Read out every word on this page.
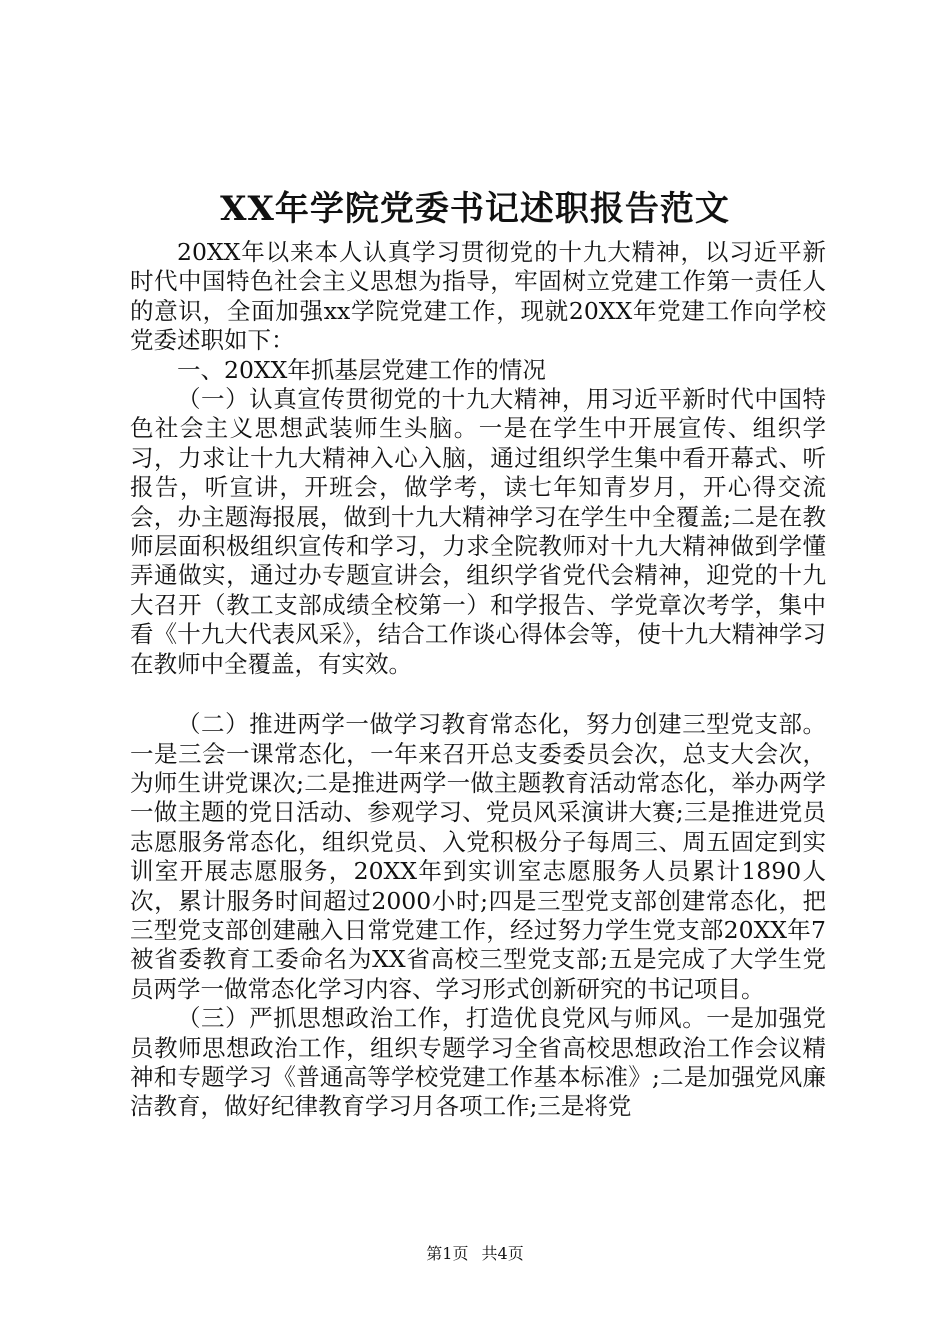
XX年学院党委书记述职报告范文

20XX年以来本人认真学习贯彻党的十九大精神，以习近平新时代中国特色社会主义思想为指导，牢固树立党建工作第一责任人的意识，全面加强xx学院党建工作，现就20XX年党建工作向学校党委述职如下：

一、20XX年抓基层党建工作的情况

（一）认真宣传贯彻党的十九大精神，用习近平新时代中国特色社会主义思想武装师生头脑。一是在学生中开展宣传、组织学习，力求让十九大精神入心入脑，通过组织学生集中看开幕式、听报告，听宣讲，开班会，做学考，读七年知青岁月，开心得交流会，办主题海报展，做到十九大精神学习在学生中全覆盖;二是在教师层面积极组织宣传和学习，力求全院教师对十九大精神做到学懂弄通做实，通过办专题宣讲会，组织学省党代会精神，迎党的十九大召开（教工支部成绩全校第一）和学报告、学党章次考学，集中看《十九大代表风采》，结合工作谈心得体会等，使十九大精神学习在教师中全覆盖，有实效。

（二）推进两学一做学习教育常态化，努力创建三型党支部。一是三会一课常态化，一年来召开总支委委员会次，总支大会次，为师生讲党课次;二是推进两学一做主题教育活动常态化，举办两学一做主题的党日活动、参观学习、党员风采演讲大赛;三是推进党员志愿服务常态化，组织党员、入党积极分子每周三、周五固定到实训室开展志愿服务，20XX年到实训室志愿服务人员累计1890人次，累计服务时间超过2000小时;四是三型党支部创建常态化，把三型党支部创建融入日常党建工作，经过努力学生党支部20XX年7被省委教育工委命名为XX省高校三型党支部;五是完成了大学生党员两学一做常态化学习内容、学习形式创新研究的书记项目。

（三）严抓思想政治工作，打造优良党风与师风。一是加强党员教师思想政治工作，组织专题学习全省高校思想政治工作会议精神和专题学习《普通高等学校党建工作基本标准》;二是加强党风廉洁教育，做好纪律教育学习月各项工作;三是将党

第1页 共4页
